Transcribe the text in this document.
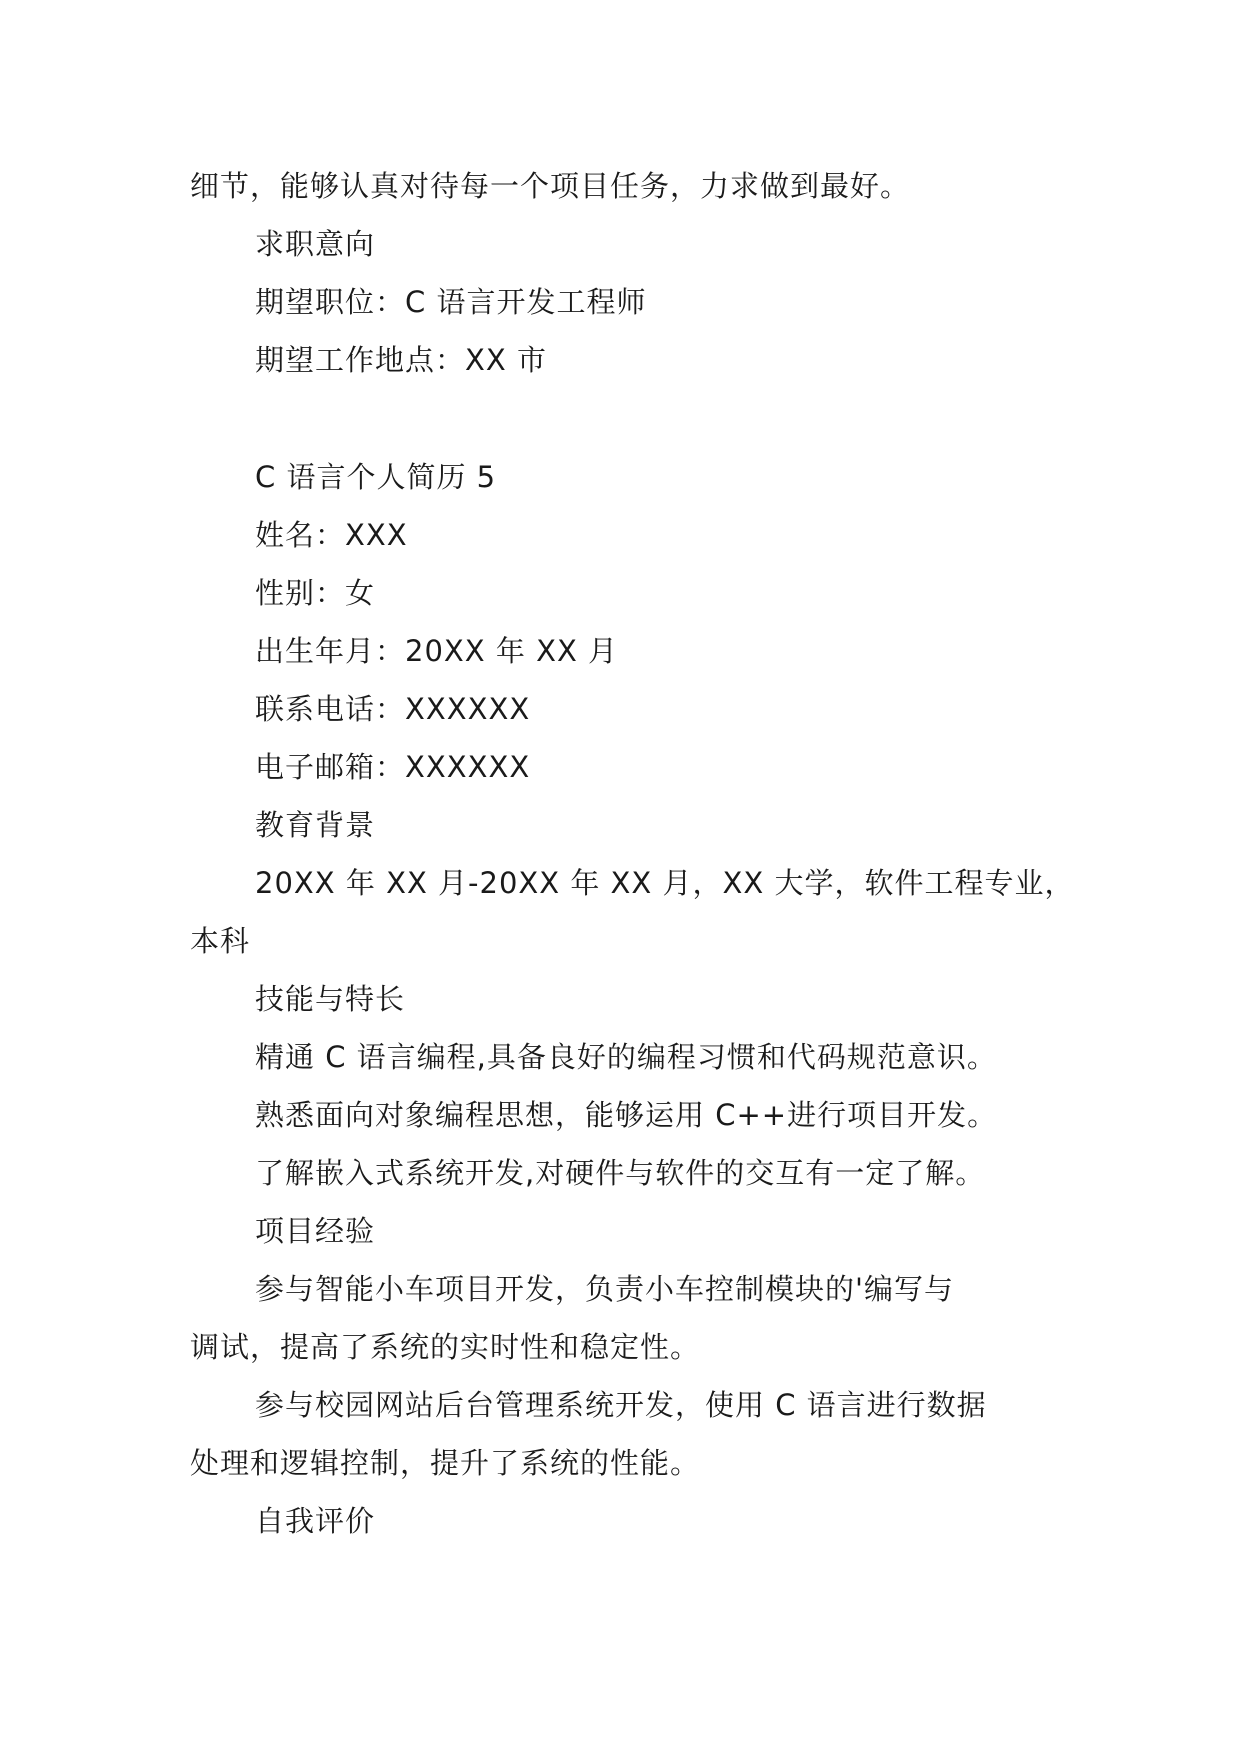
细节，能够认真对待每一个项目任务，力求做到最好。
求职意向
期望职位：C 语言开发工程师
期望工作地点：XX 市
C 语言个人简历 5
姓名：XXX
性别：女
出生年月：20XX 年 XX 月
联系电话：XXXXXX
电子邮箱：XXXXXX
教育背景
20XX 年 XX 月-20XX 年 XX 月，XX 大学，软件工程专业，
本科
技能与特长
精通 C 语言编程,具备良好的编程习惯和代码规范意识。
熟悉面向对象编程思想，能够运用 C++进行项目开发。
了解嵌入式系统开发,对硬件与软件的交互有一定了解。
项目经验
参与智能小车项目开发，负责小车控制模块的'编写与
调试，提高了系统的实时性和稳定性。
参与校园网站后台管理系统开发，使用 C 语言进行数据
处理和逻辑控制，提升了系统的性能。
自我评价
